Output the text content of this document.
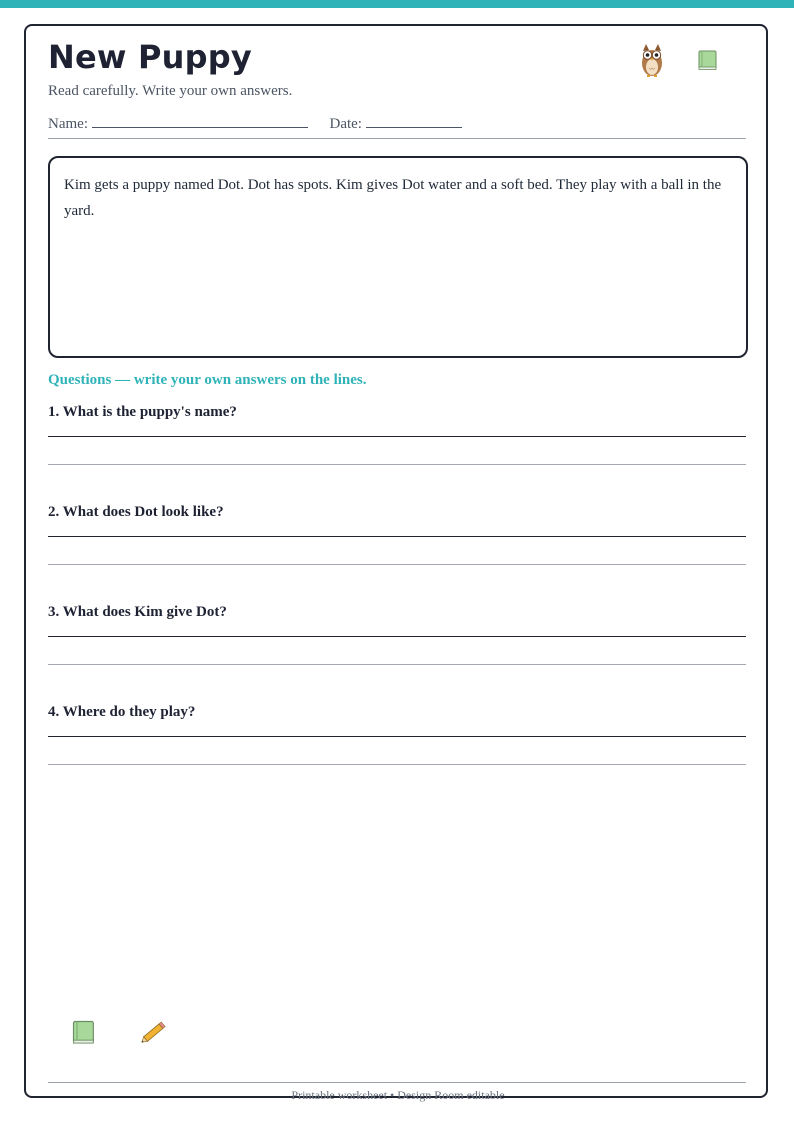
New Puppy
Read carefully. Write your own answers.
Name:	Date:
Kim gets a puppy named Dot. Dot has spots. Kim gives Dot water and a soft bed. They play with a ball in the yard.
Questions — write your own answers on the lines.
1. What is the puppy's name?
2. What does Dot look like?
3. What does Kim give Dot?
4. Where do they play?
Printable worksheet • Design Room editable
